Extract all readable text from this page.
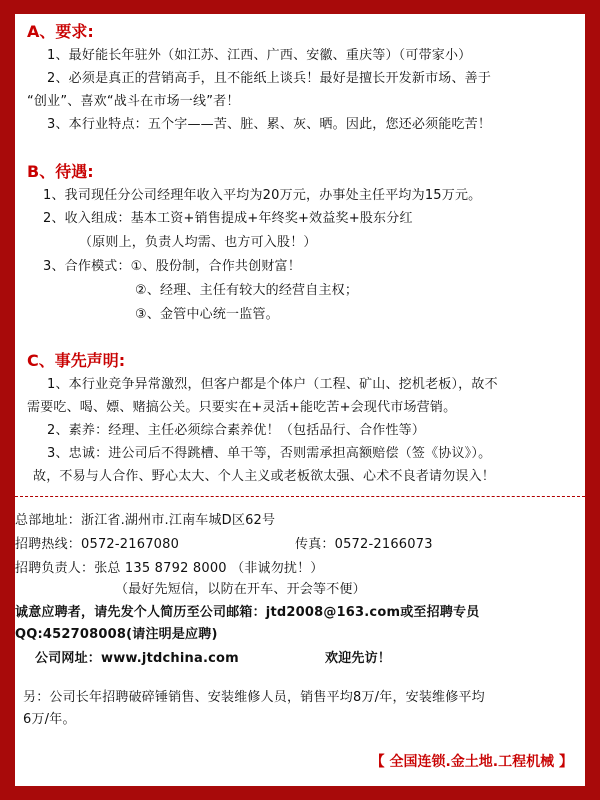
A、要求:
1、最好能长年驻外（如江苏、江西、广西、安徽、重庆等）（可带家小）
2、必须是真正的营销高手，且不能纸上谈兵！最好是擅长开发新市场、善于
“创业”、喜欢“战斗在市场一线”者！
3、本行业特点：五个字——苦、脏、累、灰、晒。因此，您还必须能吃苦！
B、待遇:
1、我司现任分公司经理年收入平均为20万元，办事处主任平均为15万元。
2、收入组成：基本工资+销售提成+年终奖+效益奖+股东分红
（原则上，负责人均需、也方可入股！）
3、合作模式：①、股份制，合作共创财富！
②、经理、主任有较大的经营自主权；
③、金管中心统一监管。
C、事先声明:
1、本行业竞争异常激烈，但客户都是个体户（工程、矿山、挖机老板），故不
需要吃、喝、嫖、赌搞公关。只要实在+灵活+能吃苦+会现代市场营销。
2、素养：经理、主任必须综合素养优！（包括品行、合作性等）
3、忠诚：进公司后不得跳槽、单干等，否则需承担高额赔偿（签《协议》）。
故，不易与人合作、野心太大、个人主义或老板欲太强、心术不良者请勿误入！
总部地址：浙江省.湖州市.江南车城D区62号
招聘热线：0572-2167080	传真：0572-2166073
招聘负责人：张总 135 8792 8000 （非诚勿扰！）
（最好先短信，以防在开车、开会等不便）
诚意应聘者，请先发个人简历至公司邮箱：jtd2008@163.com或至招聘专员
QQ:452708008(请注明是应聘)
公司网址：www.jtdchina.com	欢迎先访！
另：公司长年招聘破碎锤销售、安装维修人员，销售平均8万/年，安装维修平均
6万/年。
【 全国连锁.金土地.工程机械 】
